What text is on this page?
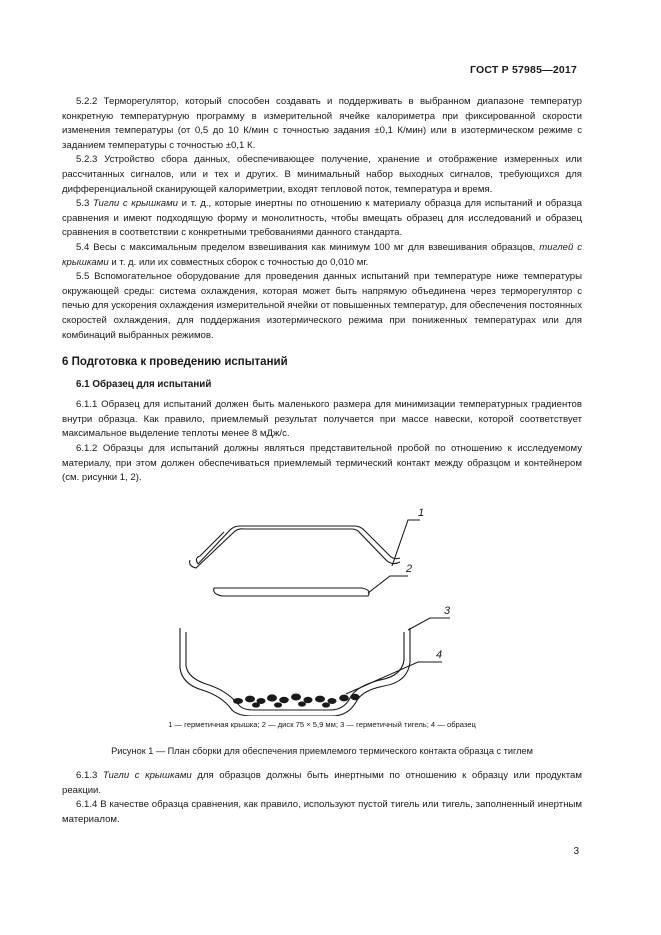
ГОСТ Р 57985—2017

5.2.2 Терморегулятор, который способен создавать и поддерживать в выбранном диапазоне температур конкретную температурную программу в измерительной ячейке калориметра при фиксированной скорости изменения температуры (от 0,5 до 10 К/мин с точностью задания ±0,1 К/мин) или в изотермическом режиме с заданием температуры с точностью ±0,1 К.

5.2.3 Устройство сбора данных, обеспечивающее получение, хранение и отображение измеренных или рассчитанных сигналов, или и тех и других. В минимальный набор выходных сигналов, требующихся для дифференциальной сканирующей калориметрии, входят тепловой поток, температура и время.

5.3 Тигли с крышками и т. д., которые инертны по отношению к материалу образца для испытаний и образца сравнения и имеют подходящую форму и монолитность, чтобы вмещать образец для исследований и образец сравнения в соответствии с конкретными требованиями данного стандарта.

5.4 Весы с максимальным пределом взвешивания как минимум 100 мг для взвешивания образцов, тиглей с крышками и т. д. или их совместных сборок с точностью до 0,010 мг.

5.5 Вспомогательное оборудование для проведения данных испытаний при температуре ниже температуры окружающей среды: система охлаждения, которая может быть напрямую объединена через терморегулятор с печью для ускорения охлаждения измерительной ячейки от повышенных температур, для обеспечения постоянных скоростей охлаждения, для поддержания изотермического режима при пониженных температурах или для комбинаций выбранных режимов.

6 Подготовка к проведению испытаний
6.1 Образец для испытаний

6.1.1 Образец для испытаний должен быть маленького размера для минимизации температурных градиентов внутри образца. Как правило, приемлемый результат получается при массе навески, которой соответствует максимальное выделение теплоты менее 8 мДж/с.

6.1.2 Образцы для испытаний должны являться представительной пробой по отношению к исследуемому материалу, при этом должен обеспечиваться приемлемый термический контакт между образцом и контейнером (см. рисунки 1, 2).

1
2
3
4
1 — герметичная крышка; 2 — диск 75 × 5,9 мм; 3 — герметичный тигель; 4 — образец
Рисунок 1 — План сборки для обеспечения приемлемого термического контакта образца с тиглем

6.1.3 Тигли с крышками для образцов должны быть инертными по отношению к образцу или продуктам реакции.

6.1.4 В качестве образца сравнения, как правило, используют пустой тигель или тигель, заполненный инертным материалом.

3
